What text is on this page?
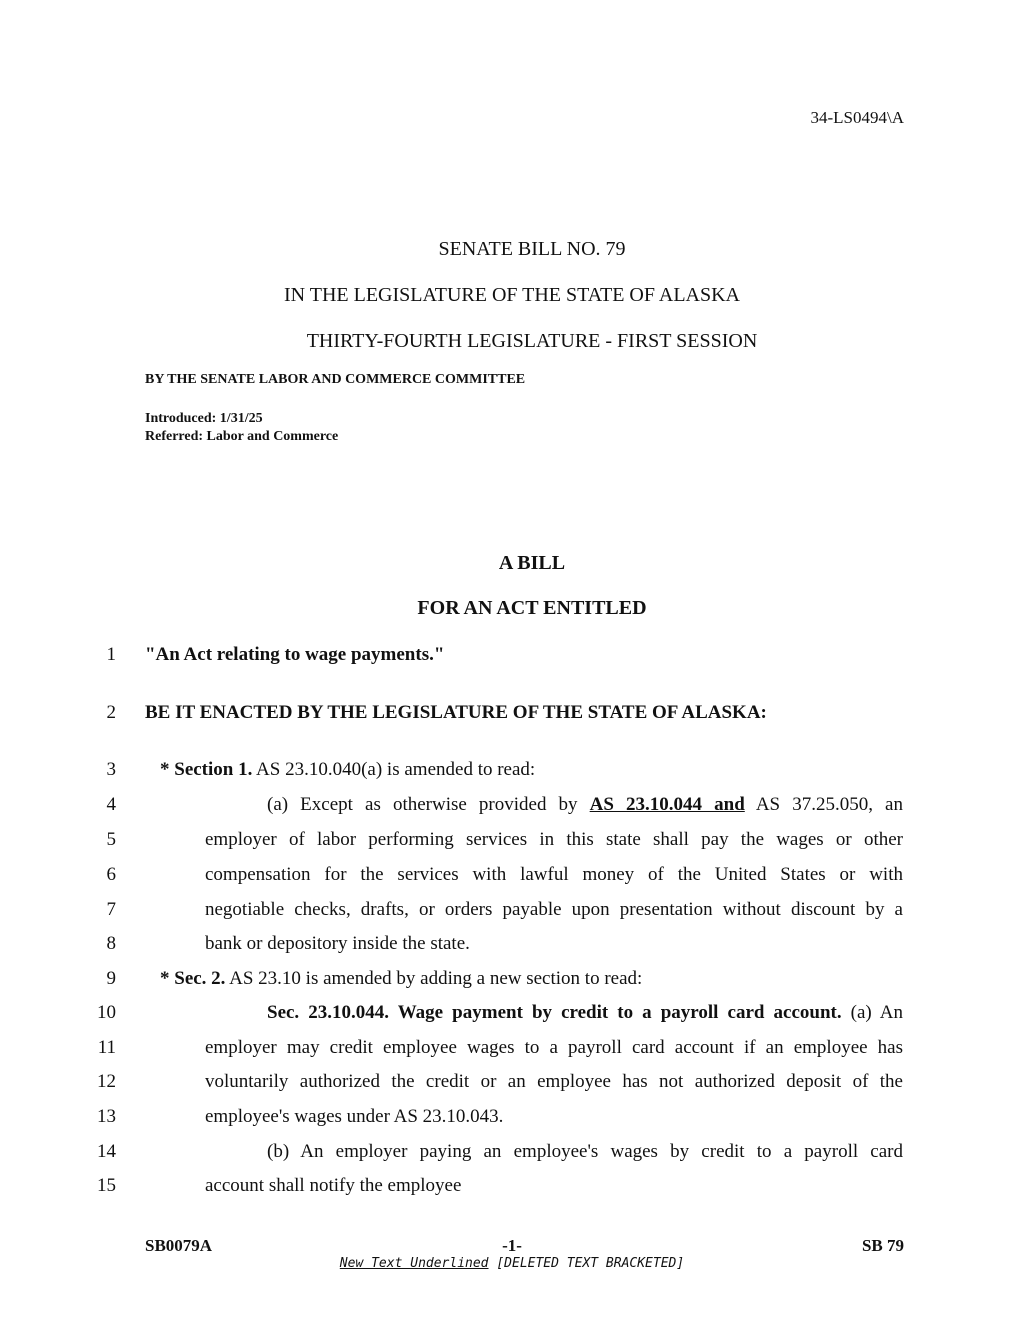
34-LS0494\A
SENATE BILL NO. 79
IN THE LEGISLATURE OF THE STATE OF ALASKA
THIRTY-FOURTH LEGISLATURE - FIRST SESSION
BY THE SENATE LABOR AND COMMERCE COMMITTEE
Introduced: 1/31/25
Referred: Labor and Commerce
A BILL
FOR AN ACT ENTITLED
1 "An Act relating to wage payments."
2 BE IT ENACTED BY THE LEGISLATURE OF THE STATE OF ALASKA:
3 * Section 1. AS 23.10.040(a) is amended to read:
4	(a) Except as otherwise provided by AS 23.10.044 and AS 37.25.050, an
5	employer of labor performing services in this state shall pay the wages or other
6	compensation for the services with lawful money of the United States or with
7	negotiable checks, drafts, or orders payable upon presentation without discount by a
8	bank or depository inside the state.
9 * Sec. 2. AS 23.10 is amended by adding a new section to read:
10	Sec. 23.10.044. Wage payment by credit to a payroll card account. (a) An
11	employer may credit employee wages to a payroll card account if an employee has
12	voluntarily authorized the credit or an employee has not authorized deposit of the
13	employee's wages under AS 23.10.043.
14	(b) An employer paying an employee's wages by credit to a payroll card
15	account shall notify the employee
SB0079A	-1-	SB 79
New Text Underlined [DELETED TEXT BRACKETED]
